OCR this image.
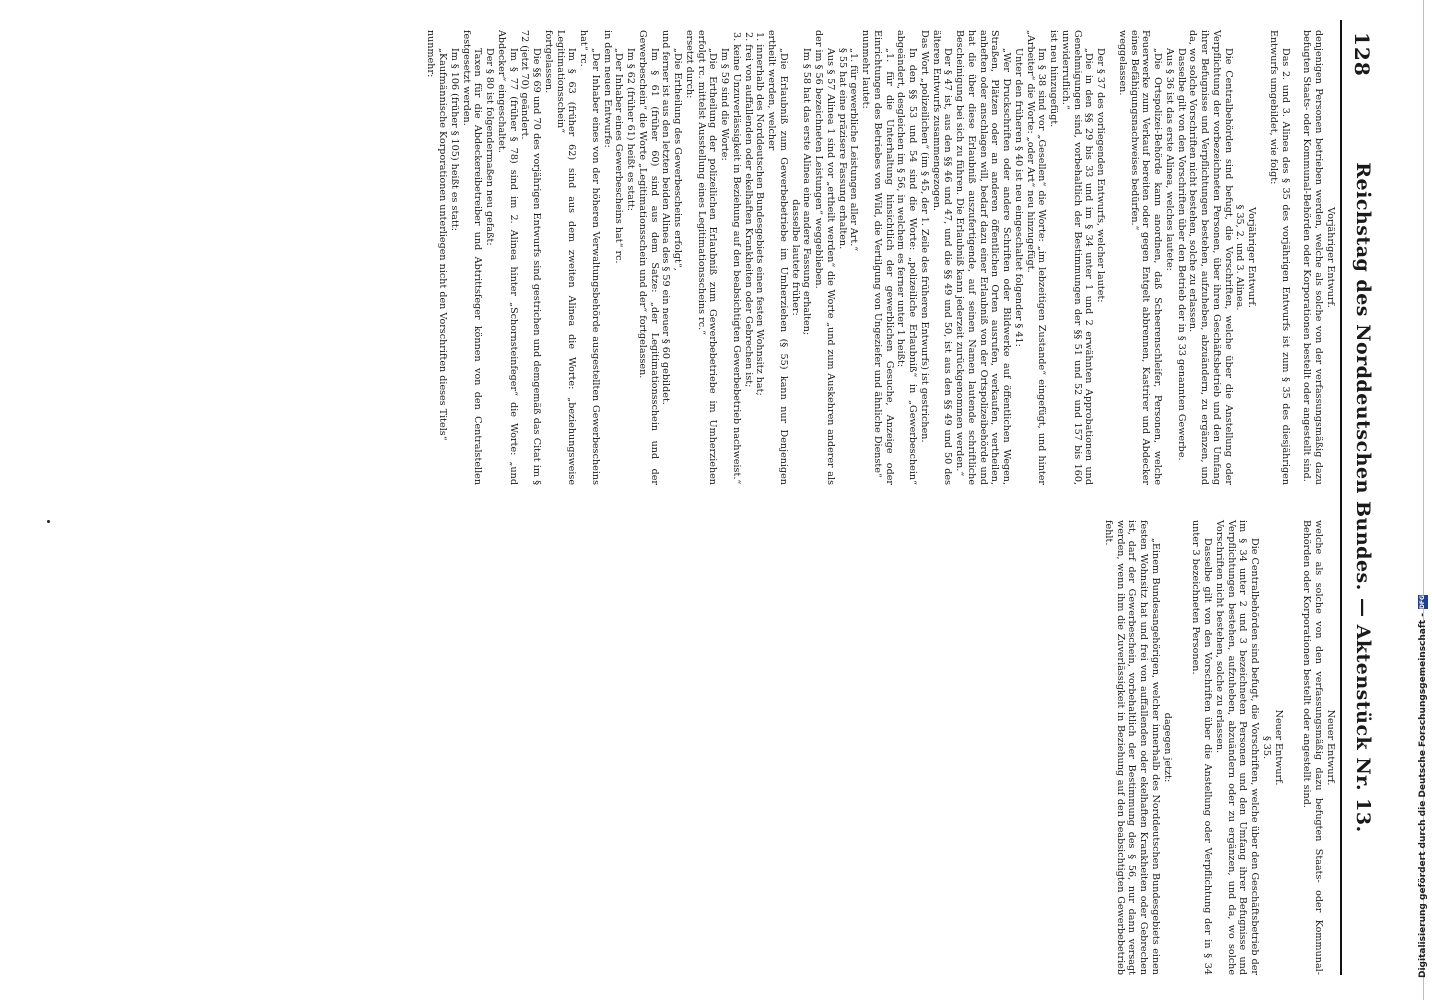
128
Reichstag des Norddeutschen Bundes. — Aktenstück Nr. 13.

Vorjähriger Entwurf.

denjenigen Personen betrieben werden, welche als solche von der verfassungsmäßig dazu befugten Staats- oder Kommunal-Behörden oder Korporationen bestellt oder angestellt sind.

Das 2. und 3. Alinea des § 35 des vorjährigen Entwurfs ist zum § 35 des diesjährigen Entwurfs umgebildet, wie folgt:

Vorjähriger Entwurf.

§ 35, 2. und 3. Alinea.

Die Centralbehörden sind befugt, die Vorschriften, welche über die Anstellung oder Verpflichtung der vorbezeichneten Personen, über ihren Geschäftsbetrieb und den Umfang ihrer Befugnisse und Verpflichtungen bestehen, aufzuheben, abzuändern, zu ergänzen, und da, wo solche Vorschriften nicht bestehen, solche zu erlassen.

Dasselbe gilt von den Vorschriften über den Betrieb der in § 33 genannten Gewerbe.

Aus § 36 ist das erste Alinea, welches lautete:

„Die Ortspolizei-Behörde kann anordnen, daß Scheerenschleifer, Personen, welche Feuerwerke zum Verkauf bereiten oder gegen Entgelt abbrennen, Kastrirer und Abdecker eines Befähigungsnachweises bedürfen.“

weggelassen.

Der § 37 des vorliegenden Entwurfs, welcher lautet:

„Die in den §§ 29 bis 33 und im § 34 unter 1 und 2 erwähnten Approbationen und Genehmigungen sind, vorbehaltlich der Bestimmungen der §§ 51 und 52 und 157 bis 160, unwiderruflich.“

ist neu hinzugefügt.

Im § 38 sind vor „Gesellen“ die Worte: „im lebzeitigen Zustande“ eingefügt, und hinter „Arbeiter“ die Worte: „oder Art“ neu hinzugefügt.

Unter den früheren § 40 ist neu eingeschaltet folgender § 41:

„Wer Druckschriften oder andere Schriften oder Bildwerke auf öffentlichen Wegen, Straßen, Plätzen oder an anderen öffentlichen Orten ausrufen, verkaufen, vertheilen, anheften oder anschlagen will, bedarf dazu einer Erlaubniß von der Ortspolizeibehörde und hat die über diese Erlaubniß auszufertigende, auf seinen Namen lautende schriftliche Bescheinigung bei sich zu führen. Die Erlaubniß kann jederzeit zurückgenommen werden.“

Der § 47 ist, aus den §§ 46 und 47, und die §§ 49 und 50, ist aus den §§ 49 und 50 des älteren Entwurfs zusammengezogen.

Das Wort „polizeilichen“ (im § 45, der 1. Zeile des früheren Entwurfs) ist gestrichen.

In den §§ 53 und 54 sind die Worte: „polizeiliche Erlaubniß“ in „Gewerbeschein“ abgeändert, desgleichen im § 56, in welchem es ferner unter 1 heißt:

„1. für die Unterhaltung hinsichtlich der gewerblichen Gesuche, Anzeige oder Einrichtungen des Betriebes von Wild, die Vertilgung von Ungeziefer und ähnliche Dienste“

nunmehr lautet:

„1. für gewerbliche Leistungen aller Art.“

§ 55 hat eine präzisere Fassung erhalten.

Aus § 57 Alinea 1 sind vor „ertheilt werden“ die Worte „und zum Auskehren anderer als der im § 56 bezeichneten Leistungen“ weggeblieben.

Im § 58 hat das erste Alinea eine andere Fassung erhalten;

dasselbe lautete früher:

„Die Erlaubniß zum Gewerbebetriebe im Umherziehen (§ 55) kann nur Denjenigen ertheilt werden, welcher

1. innerhalb des Norddeutschen Bundesgebiets einen festen Wohnsitz hat;

2. frei von auffallenden oder ekelhaften Krankheiten oder Gebrechen ist;

3. keine Unzuverlässigkeit in Beziehung auf den beabsichtigten Gewerbebetrieb nachweist.“

Im § 59 sind die Worte:

„Die Ertheilung der polizeilichen Erlaubniß zum Gewerbebetriebe im Umherziehen erfolgt rc. mittelst Ausstellung eines Legitimationsscheins rc.“

ersetzt durch:

„Die Ertheilung des Gewerbescheins erfolgt“,

und ferner ist aus den letzten beiden Alinea des § 59 ein neuer § 60 gebildet.

Im § 61 (früher 60) sind aus dem Satze: „der Legitimationsschein und der Gewerbeschein“ die Worte „Legitimationsschein und der“ fortgelassen.

Im § 62 (früher 61) heißt es statt:

„Der Inhaber eines Gewerbescheins hat“ rc.

in dem neuen Entwurfe:

„Der Inhaber eines von der höheren Verwaltungsbehörde ausgestellten Gewerbescheins hat“ rc.

Im § 63 (früher 62) sind aus dem zweiten Alinea die Worte: „beziehungsweise Legitimationsschein“

fortgelassen.

Die §§ 69 und 70 des vorjährigen Entwurfs sind gestrichen und demgemäß das Citat im § 72 (jetzt 70) geändert.

Im § 77 (früher § 78) sind im 2. Alinea hinter „Schornsteinfeger“ die Worte: „und Abdecker“ eingeschaltet.

Der § 80 ist folgendermaßen neu gefaßt:

Taxen für die Abdeckereibetreiber und Abtrittsfeger können von den Centralstellen festgesetzt werden.

Im § 106 (früher § 105) heißt es statt:

„Kaufmännische Korporationen unterliegen nicht den Vorschriften dieses Titels“

nunmehr:

Neuer Entwurf.

welche als solche von den verfassungsmäßig dazu befugten Staats- oder Kommunal-Behörden oder Korporationen bestellt oder angestellt sind.

Neuer Entwurf.

§ 35.

Die Centralbehörden sind befugt, die Vorschriften, welche über den Geschäftsbetrieb der im § 34 unter 2 und 3 bezeichneten Personen und den Umfang ihrer Befugnisse und Verpflichtungen bestehen, aufzuheben, abzuändern oder zu ergänzen, und da, wo solche Vorschriften nicht bestehen, solche zu erlassen.

Dasselbe gilt von den Vorschriften über die Anstellung oder Verpflichtung der in § 34 unter 3 bezeichneten Personen.

dagegen jetzt:

„Einem Bundesangehörigen, welcher innerhalb des Norddeutschen Bundesgebiets einen festen Wohnsitz hat und frei von auffallenden oder ekelhaften Krankheiten oder Gebrechen ist, darf der Gewerbeschein, vorbehaltlich der Bestimmung des § 56, nur dann versagt werden, wenn ihm die Zuverlässigkeit in Beziehung auf den beabsichtigten Gewerbebetrieb fehlt.

Digitalisierung gefördert durch die Deutsche Forschungsgemeinschaft -
DFG
